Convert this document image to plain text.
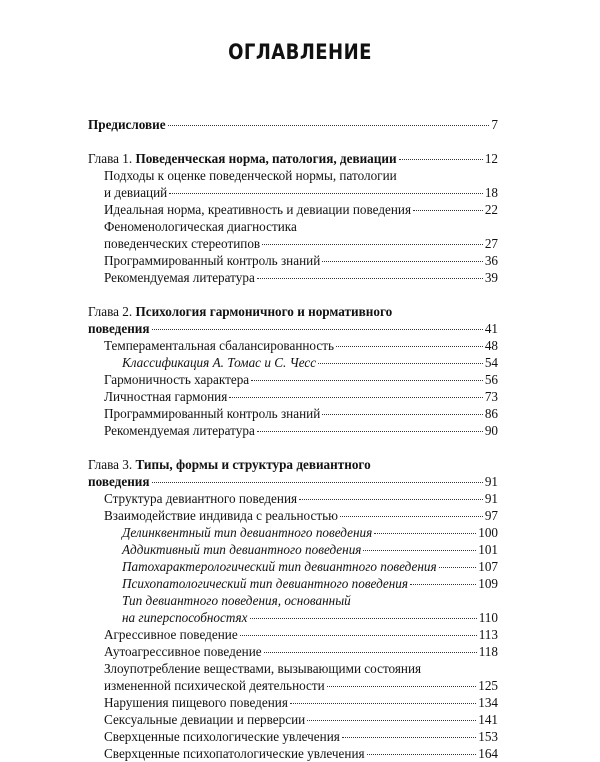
ОГЛАВЛЕНИЕ
Предисловие	7
Глава 1. Поведенческая норма, патология, девиации	12
Подходы к оценке поведенческой нормы, патологии
и девиаций	18
Идеальная норма, креативность и девиации поведения	22
Феноменологическая диагностика
поведенческих стереотипов	27
Программированный контроль знаний	36
Рекомендуемая литература	39
Глава 2. Психология гармоничного и нормативного
поведения	41
Темпераментальная сбалансированность	48
Классификация А. Томас и С. Чесс	54
Гармоничность характера	56
Личностная гармония	73
Программированный контроль знаний	86
Рекомендуемая литература	90
Глава 3. Типы, формы и структура девиантного
поведения	91
Структура девиантного поведения	91
Взаимодействие индивида с реальностью	97
Делинквентный тип девиантного поведения	100
Аддиктивный тип девиантного поведения	101
Патохарактерологический тип девиантного поведения	107
Психопатологический тип девиантного поведения	109
Тип девиантного поведения, основанный
на гиперспособностях	110
Агрессивное поведение	113
Аутоагрессивное поведение	118
Злоупотребление веществами, вызывающими состояния
измененной психической деятельности	125
Нарушения пищевого поведения	134
Сексуальные девиации и перверсии	141
Сверхценные психологические увлечения	153
Сверхценные психопатологические увлечения	164
